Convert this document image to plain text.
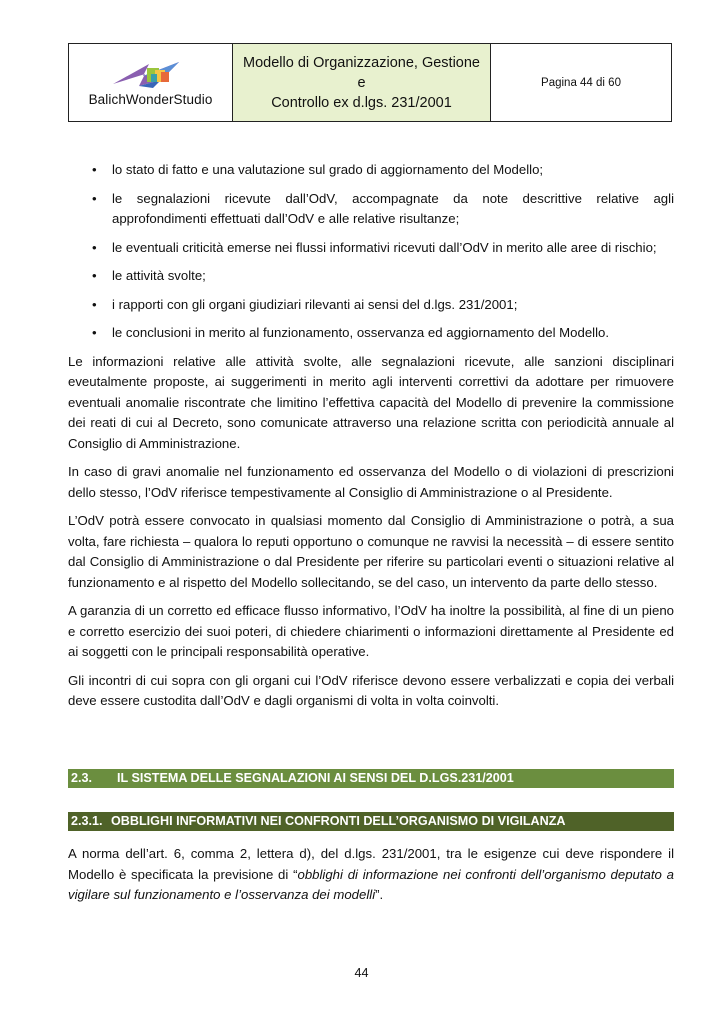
BalichWonderStudio
Modello di Organizzazione, Gestione e
Controllo ex d.lgs. 231/2001
Pagina 44 di 60
• lo stato di fatto e una valutazione sul grado di aggiornamento del Modello;
• le segnalazioni ricevute dall’OdV, accompagnate da note descrittive relative agli approfondimenti effettuati dall’OdV e alle relative risultanze;
• le eventuali criticità emerse nei flussi informativi ricevuti dall’OdV in merito alle aree di rischio;
• le attività svolte;
• i rapporti con gli organi giudiziari rilevanti ai sensi del d.lgs. 231/2001;
• le conclusioni in merito al funzionamento, osservanza ed aggiornamento del Modello.

Le informazioni relative alle attività svolte, alle segnalazioni ricevute, alle sanzioni disciplinari eveutalmente proposte, ai suggerimenti in merito agli interventi correttivi da adottare per rimuovere eventuali anomalie riscontrate che limitino l’effettiva capacità del Modello di prevenire la commissione dei reati di cui al Decreto, sono comunicate attraverso una relazione scritta con periodicità annuale al Consiglio di Amministrazione.

In caso di gravi anomalie nel funzionamento ed osservanza del Modello o di violazioni di prescrizioni dello stesso, l’OdV riferisce tempestivamente al Consiglio di Amministrazione o al Presidente.

L’OdV potrà essere convocato in qualsiasi momento dal Consiglio di Amministrazione o potrà, a sua volta, fare richiesta – qualora lo reputi opportuno o comunque ne ravvisi la necessità – di essere sentito dal Consiglio di Amministrazione o dal Presidente per riferire su particolari eventi o situazioni relative al funzionamento e al rispetto del Modello sollecitando, se del caso, un intervento da parte dello stesso.

A garanzia di un corretto ed efficace flusso informativo, l’OdV ha inoltre la possibilità, al fine di un pieno e corretto esercizio dei suoi poteri, di chiedere chiarimenti o informazioni direttamente al Presidente ed ai soggetti con le principali responsabilità operative.

Gli incontri di cui sopra con gli organi cui l’OdV riferisce devono essere verbalizzati e copia dei verbali deve essere custodita dall’OdV e dagli organismi di volta in volta coinvolti.

2.3.	IL SISTEMA DELLE SEGNALAZIONI AI SENSI DEL D.LGS.231/2001
2.3.1. OBBLIGHI INFORMATIVI NEI CONFRONTI DELL’ORGANISMO DI VIGILANZA

A norma dell’art. 6, comma 2, lettera d), del d.lgs. 231/2001, tra le esigenze cui deve rispondere il Modello è specificata la previsione di “obblighi di informazione nei confronti dell’organismo deputato a vigilare sul funzionamento e l’osservanza dei modelli”.

44
